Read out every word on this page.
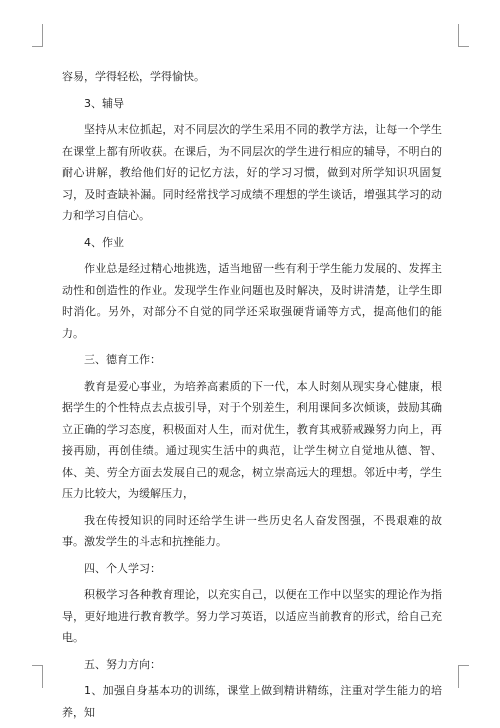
容易，学得轻松，学得愉快。

3、辅导

坚持从末位抓起，对不同层次的学生采用不同的教学方法，让每一个学生在课堂上都有所收获。在课后，为不同层次的学生进行相应的辅导，不明白的耐心讲解，教给他们好的记忆方法，好的学习习惯，做到对所学知识巩固复习，及时查缺补漏。同时经常找学习成绩不理想的学生谈话，增强其学习的动力和学习自信心。

4、作业

作业总是经过精心地挑选，适当地留一些有利于学生能力发展的、发挥主动性和创造性的作业。发现学生作业问题也及时解决，及时讲清楚，让学生即时消化。另外，对部分不自觉的同学还采取强硬背诵等方式，提高他们的能力。

三、德育工作：

教育是爱心事业，为培养高素质的下一代，本人时刻从现实身心健康，根据学生的个性特点去点拔引导，对于个别差生，利用课间多次倾谈，鼓励其确立正确的学习态度，积极面对人生，而对优生，教育其戒骄戒躁努力向上，再接再励，再创佳绩。通过现实生活中的典范，让学生树立自觉地从德、智、体、美、劳全方面去发展自己的观念，树立崇高远大的理想。邻近中考，学生压力比较大，为缓解压力，

我在传授知识的同时还给学生讲一些历史名人奋发图强，不畏艰难的故事。激发学生的斗志和抗挫能力。

四、个人学习：

积极学习各种教育理论，以充实自己，以便在工作中以坚实的理论作为指导，更好地进行教育教学。努力学习英语，以适应当前教育的形式，给自己充电。

五、努力方向：

1、加强自身基本功的训练，课堂上做到精讲精练，注重对学生能力的培养，知
